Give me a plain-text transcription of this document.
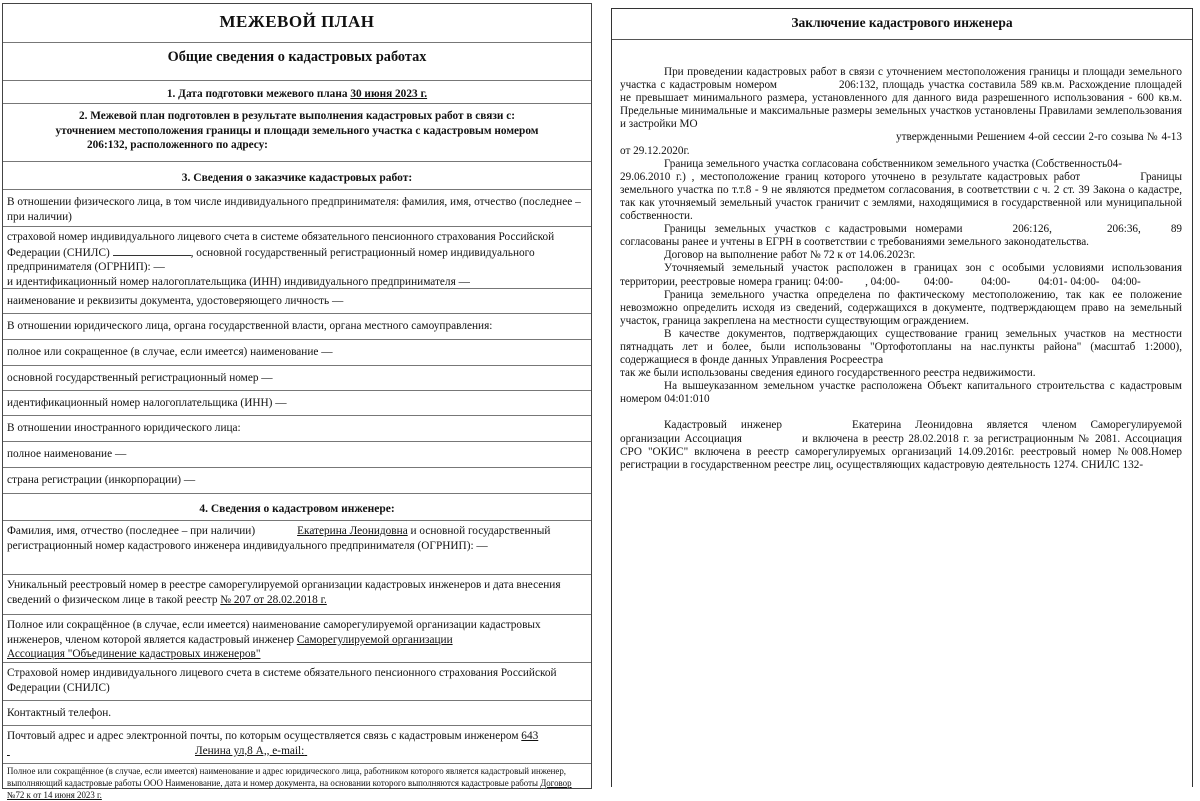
МЕЖЕВОЙ ПЛАН
Общие сведения о кадастровых работах
1. Дата подготовки межевого плана 30 июня 2023 г.
2. Межевой план подготовлен в результате выполнения кадастровых работ в связи с:
уточнением местоположения границы и площади земельного участка с кадастровым номером
206:132, расположенного по адресу:
3. Сведения о заказчике кадастровых работ:
В отношении физического лица, в том числе индивидуального предпринимателя: фамилия, имя, отчество (последнее – при наличии)
страховой номер индивидуального лицевого счета в системе обязательного пенсионного страхования Российской Федерации (СНИЛС)	, основной государственный регистрационный номер индивидуального предпринимателя (ОГРНИП): —
и идентификационный номер налогоплательщика (ИНН) индивидуального предпринимателя —
наименование и реквизиты документа, удостоверяющего личность —
В отношении юридического лица, органа государственной власти, органа местного самоуправления:
полное или сокращенное (в случае, если имеется) наименование —
основной государственный регистрационный номер —
идентификационный номер налогоплательщика (ИНН) —
В отношении иностранного юридического лица:
полное наименование —
страна регистрации (инкорпорации) —
4. Сведения о кадастровом инженере:
Фамилия, имя, отчество (последнее – при наличии)	Екатерина Леонидовна и основной государственный регистрационный номер кадастрового инженера индивидуального предпринимателя (ОГРНИП): —
Уникальный реестровый номер в реестре саморегулируемой организации кадастровых инженеров и дата внесения сведений о физическом лице в такой реестр № 207 от 28.02.2018 г.
Полное или сокращённое (в случае, если имеется) наименование саморегулируемой организации кадастровых инженеров, членом которой является кадастровый инженер Саморегулируемой организации
Ассоциация "Объединение кадастровых инженеров"
Страховой номер индивидуального лицевого счета в системе обязательного пенсионного страхования Российской Федерации (СНИЛС)
Контактный телефон.
Почтовый адрес и адрес электронной почты, по которым осуществляется связь с кадастровым инженером 643 Ленина ул,8 А,, e-mail:
Полное или сокращённое (в случае, если имеется) наименование и адрес юридического лица, работником которого является кадастровый инженер, выполняющий кадастровые работы ООО Наименование, дата и номер документа, на основании которого выполняются кадастровые работы Договор №72 к от 14 июня 2023 г.
Заключение кадастрового инженера

При проведении кадастровых работ в связи с уточнением местоположения границы и площади земельного участка с кадастровым номером	206:132, площадь участка составила 589 кв.м. Расхождение площадей не превышает минимального размера, установленного для данного вида разрешенного использования - 600 кв.м. Предельные минимальные и максимальные размеры земельных участков установлены Правилами землепользования и застройки МО
утвержденными Решением 4-ой сессии 2-го созыва № 4-13 от 29.12.2020г.

Граница земельного участка согласована собственником земельного участка (Собственность04-29.06.2010 г.) , местоположение границ которого уточнено в результате кадастровых работ	Границы земельного участка по т.т.8 - 9 не являются предметом согласования, в соответствии с ч. 2 ст. 39 Закона о кадастре, так как уточняемый земельный участок граничит с землями, находящимися в государственной или муниципальной собственности.

Границы земельных участков с кадастровыми номерами	206:126,	206:36,	89 согласованы ранее и учтены в ЕГРН в соответствии с требованиями земельного законодательства.

Договор на выполнение работ № 72 к от 14.06.2023г.

Уточняемый земельный участок расположен в границах зон с особыми условиями использования территории, реестровые номера границ: 04:00- , 04:00- 04:00-	04:00-	04:01- 04:00- 04:00-

Граница земельного участка определена по фактическому местоположению, так как ее положение невозможно определить исходя из сведений, содержащихся в документе, подтверждающем право на земельный участок, граница закреплена на местности существующим ограждением.

В качестве документов, подтверждающих существование границ земельных участков на местности пятнадцать лет и более, были использованы "Ортофотопланы на нас.пункты района" (масштаб 1:2000), содержащиеся в фонде данных Управления Росреестра
так же были использованы сведения единого государственного реестра недвижимости.

На вышеуказанном земельном участке расположена Объект капитального строительства с кадастровым номером 04:01:010

Кадастровый инженер	Екатерина Леонидовна является членом Саморегулируемой организации Ассоциация	и включена в реестр 28.02.2018 г. за регистрационным № 2081. Ассоциация СРО "ОКИС" включена в реестр саморегулируемых организаций 14.09.2016г. реестровый номер №008.Номер регистрации в государственном реестре лиц, осуществляющих кадастровую деятельность 1274. СНИЛС 132-
